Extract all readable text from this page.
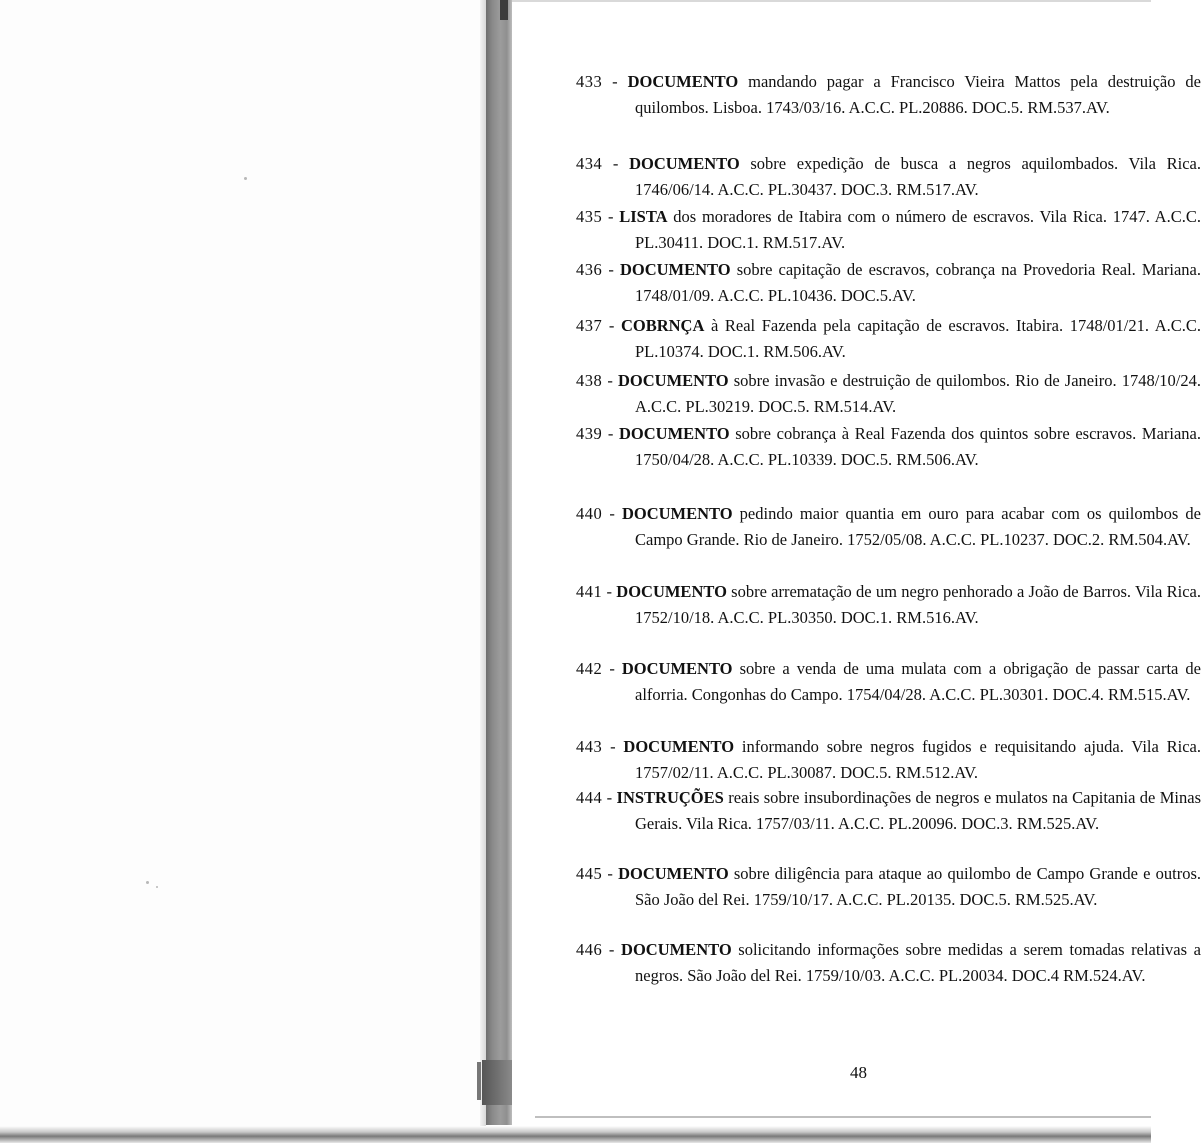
433 - DOCUMENTO mandando pagar a Francisco Vieira Mattos pela destruição de quilombos. Lisboa. 1743/03/16. A.C.C. PL.20886. DOC.5. RM.537.AV.
434 - DOCUMENTO sobre expedição de busca a negros aquilombados. Vila Rica. 1746/06/14. A.C.C. PL.30437. DOC.3. RM.517.AV.
435 - LISTA dos moradores de Itabira com o número de escravos. Vila Rica. 1747. A.C.C. PL.30411. DOC.1. RM.517.AV.
436 - DOCUMENTO sobre capitação de escravos, cobrança na Provedoria Real. Mariana. 1748/01/09. A.C.C. PL.10436. DOC.5.AV.
437 - COBRNÇA à Real Fazenda pela capitação de escravos. Itabira. 1748/01/21. A.C.C. PL.10374. DOC.1. RM.506.AV.
438 - DOCUMENTO sobre invasão e destruição de quilombos. Rio de Janeiro. 1748/10/24. A.C.C. PL.30219. DOC.5. RM.514.AV.
439 - DOCUMENTO sobre cobrança à Real Fazenda dos quintos sobre escravos. Mariana. 1750/04/28. A.C.C. PL.10339. DOC.5. RM.506.AV.
440 - DOCUMENTO pedindo maior quantia em ouro para acabar com os quilombos de Campo Grande. Rio de Janeiro. 1752/05/08. A.C.C. PL.10237. DOC.2. RM.504.AV.
441 - DOCUMENTO sobre arrematação de um negro penhorado a João de Barros. Vila Rica. 1752/10/18. A.C.C. PL.30350. DOC.1. RM.516.AV.
442 - DOCUMENTO sobre a venda de uma mulata com a obrigação de passar carta de alforria. Congonhas do Campo. 1754/04/28. A.C.C. PL.30301. DOC.4. RM.515.AV.
443 - DOCUMENTO informando sobre negros fugidos e requisitando ajuda. Vila Rica. 1757/02/11. A.C.C. PL.30087. DOC.5. RM.512.AV.
444 - INSTRUÇÕES reais sobre insubordinações de negros e mulatos na Capitania de Minas Gerais. Vila Rica. 1757/03/11. A.C.C. PL.20096. DOC.3. RM.525.AV.
445 - DOCUMENTO sobre diligência para ataque ao quilombo de Campo Grande e outros. São João del Rei. 1759/10/17. A.C.C. PL.20135. DOC.5. RM.525.AV.
446 - DOCUMENTO solicitando informações sobre medidas a serem tomadas relativas a negros. São João del Rei. 1759/10/03. A.C.C. PL.20034. DOC.4 RM.524.AV.
48
